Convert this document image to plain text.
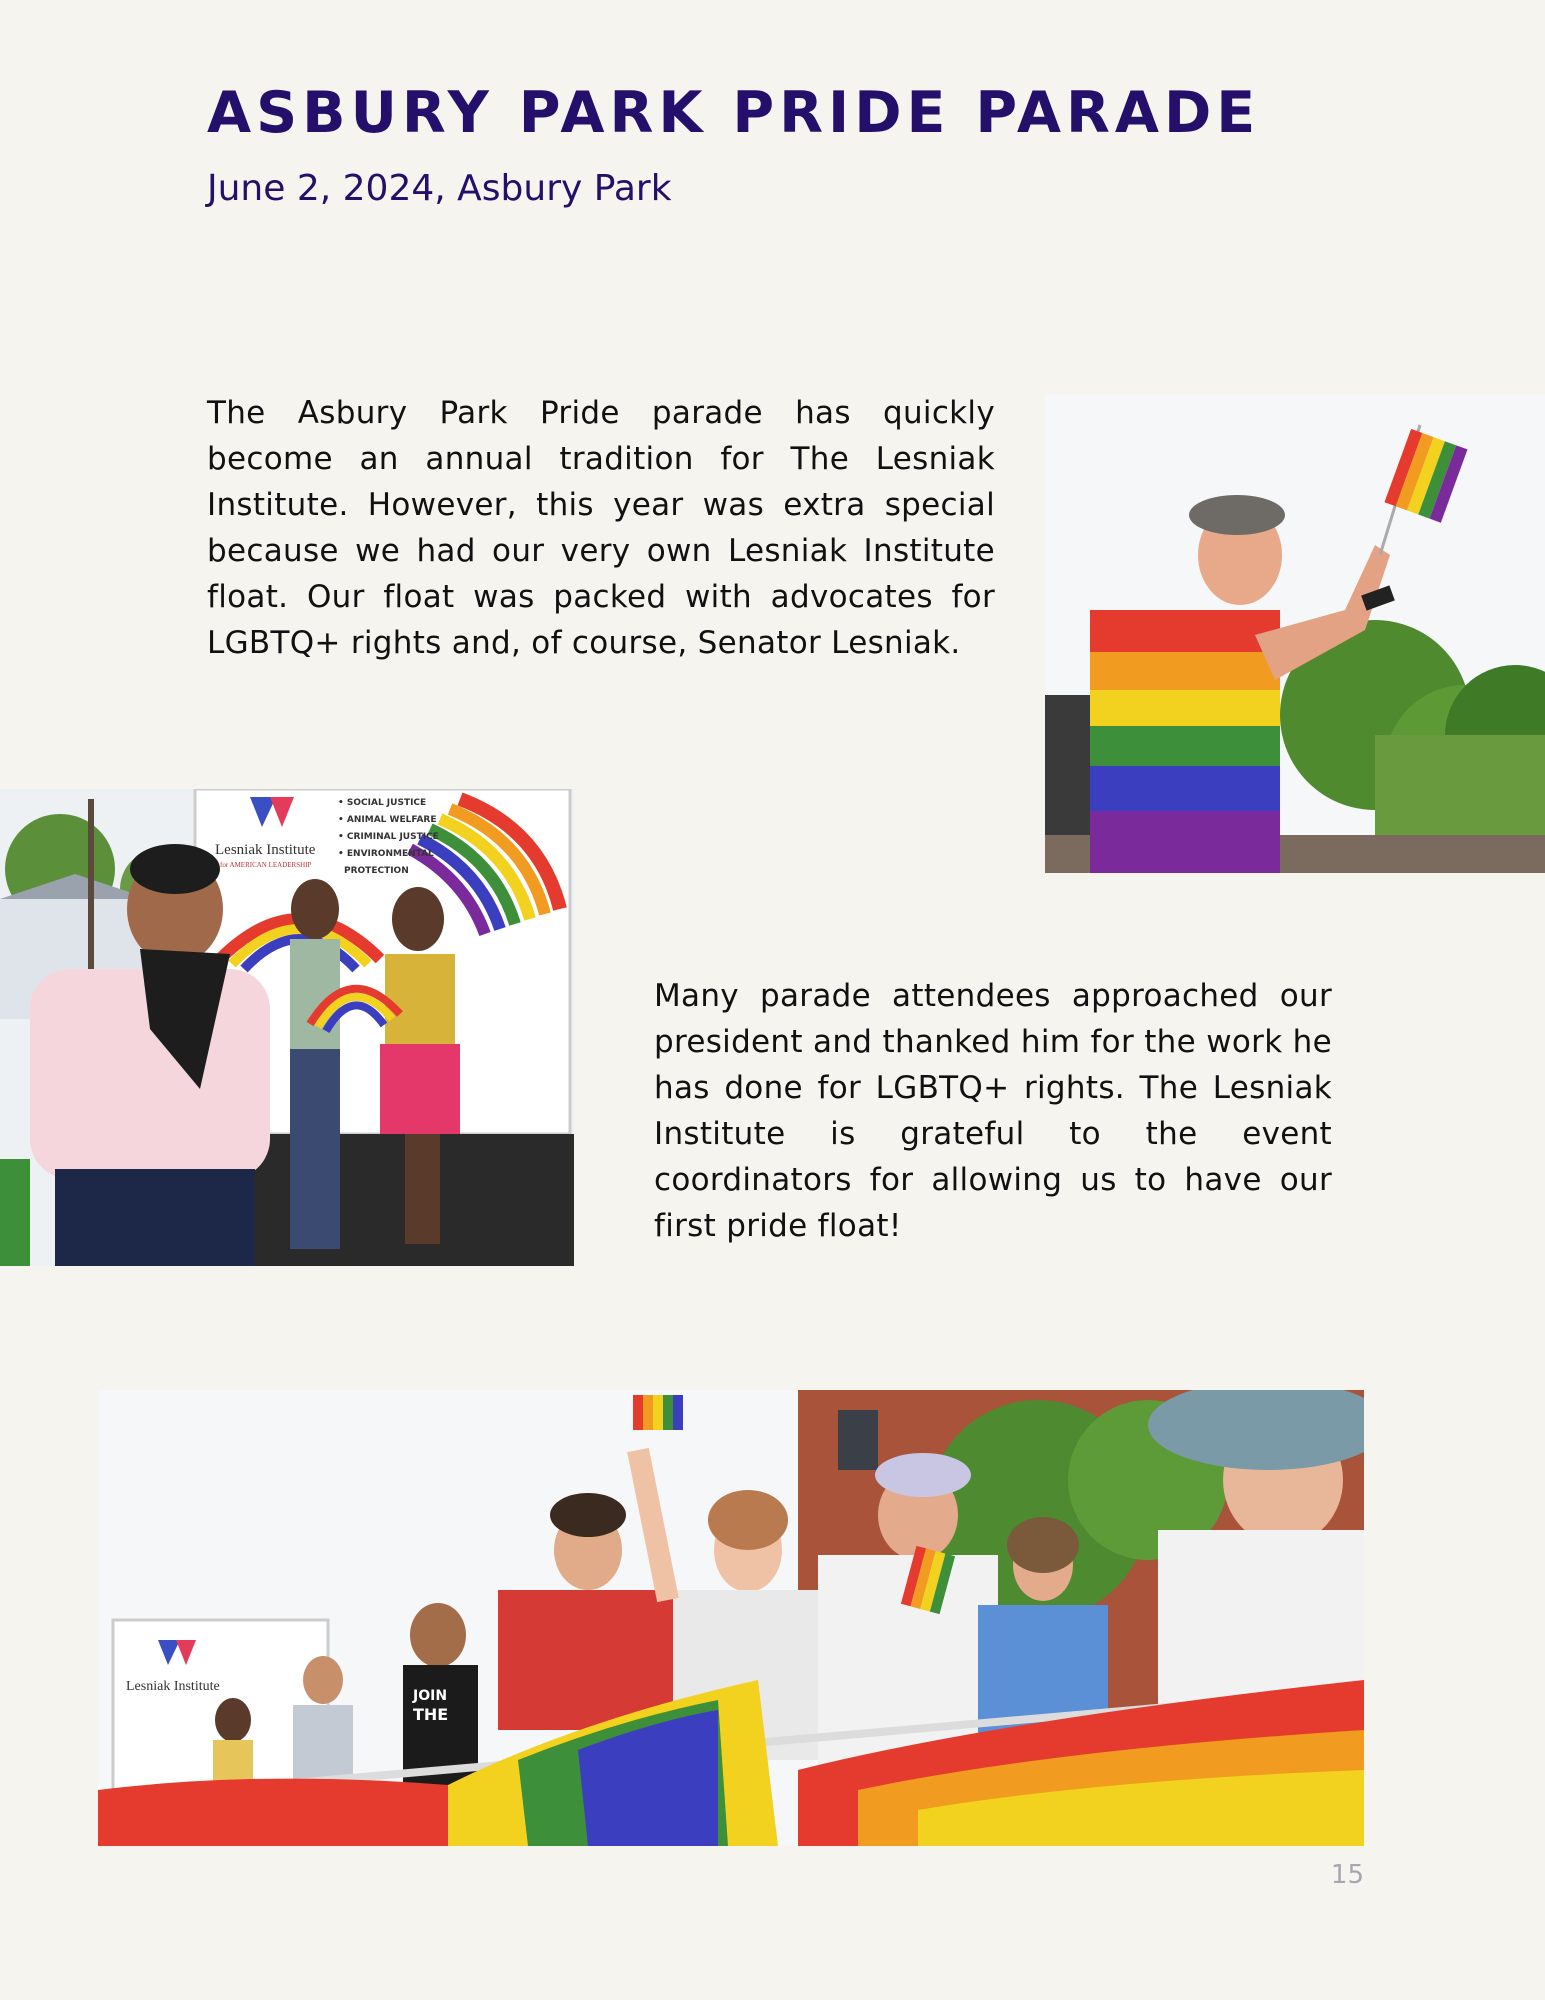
ASBURY PARK PRIDE PARADE
June 2, 2024, Asbury Park

The Asbury Park Pride parade has quickly become an annual tradition for The Lesniak Institute. However, this year was extra special because we had our very own Lesniak Institute float. Our float was packed with advocates for LGBTQ+ rights and, of course, Senator Lesniak.

Lesniak Institute
for AMERICAN LEADERSHIP
• SOCIAL JUSTICE
• ANIMAL WELFARE
• CRIMINAL JUSTICE
• ENVIRONMENTAL
PROTECTION

Many parade attendees approached our president and thanked him for the work he has done for LGBTQ+ rights. The Lesniak Institute is grateful to the event coordinators for allowing us to have our first pride float!

Lesniak Institute
JOIN
THE
15
